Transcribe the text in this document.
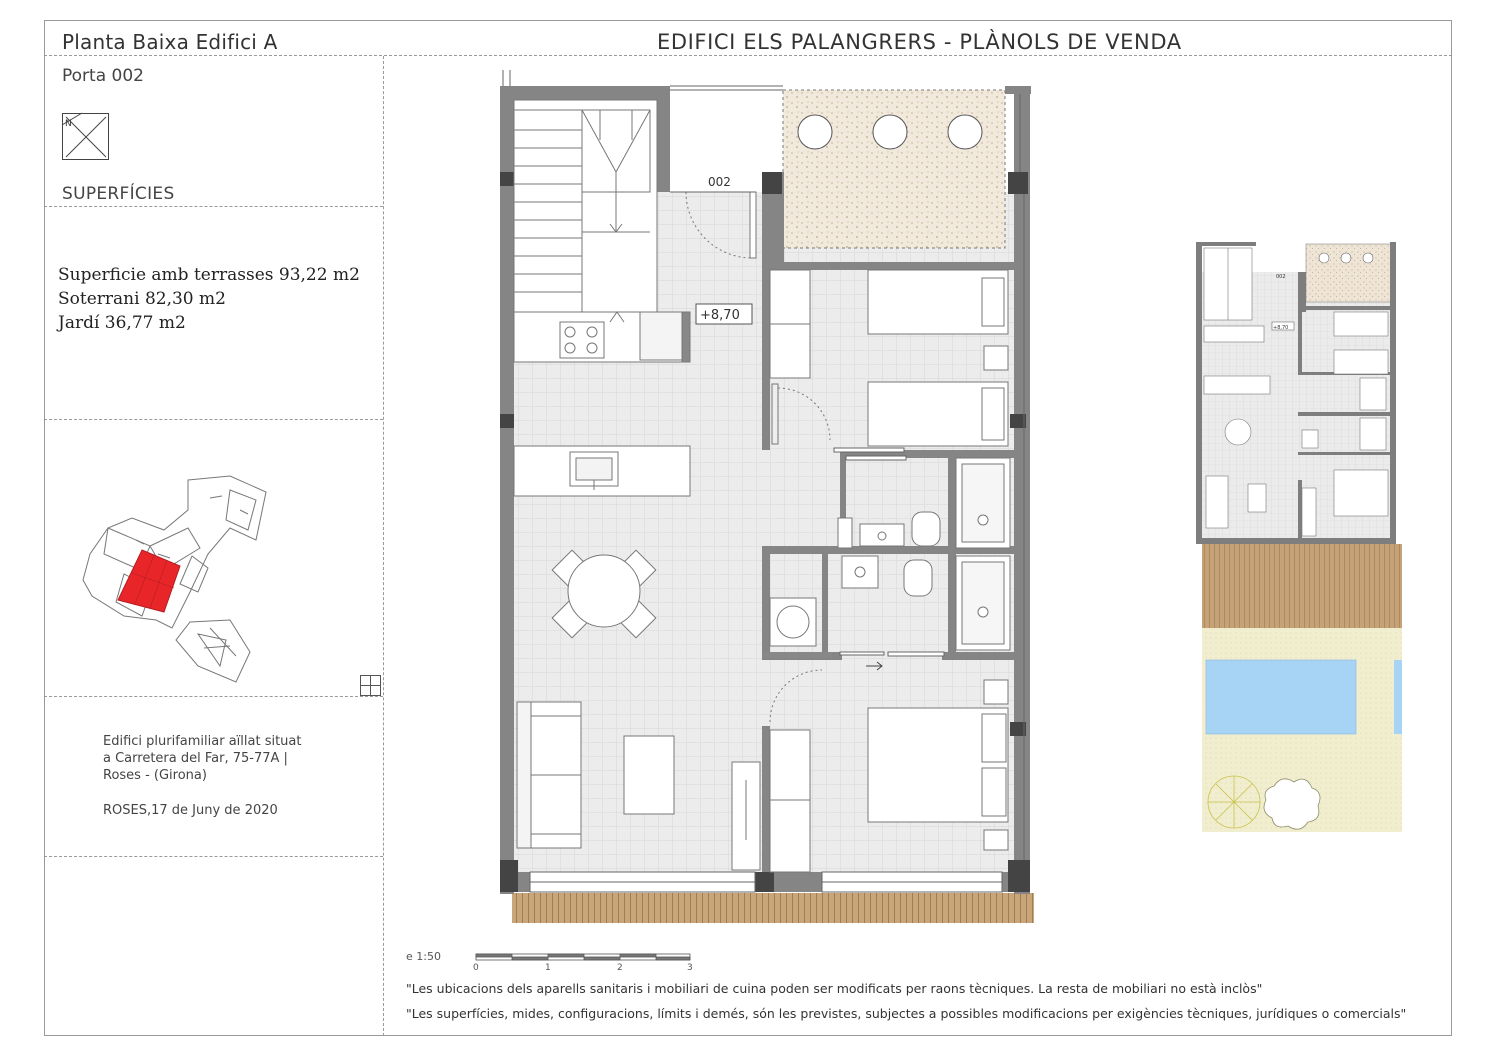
Planta Baixa Edifici A	EDIFICI ELS PALANGRERS - PLÀNOLS DE VENDA
Porta 002
N
SUPERFÍCIES
Superficie amb terrasses 93,22 m2
Soterrani 82,30 m2
Jardí 36,77 m2
Edifici plurifamiliar aïllat situat
a Carretera del Far, 75-77A |
Roses - (Girona)
ROSES,17 de Juny de 2020
002
+8,70
+8,70
002
e 1:50
0	1	2	3
"Les ubicacions dels aparells sanitaris i mobiliari de cuina poden ser modificats per raons tècniques. La resta de mobiliari no està inclòs"
"Les superfícies, mides, configuracions, límits i demés, són les previstes, subjectes a possibles modificacions per exigències tècniques, jurídiques o comercials"
